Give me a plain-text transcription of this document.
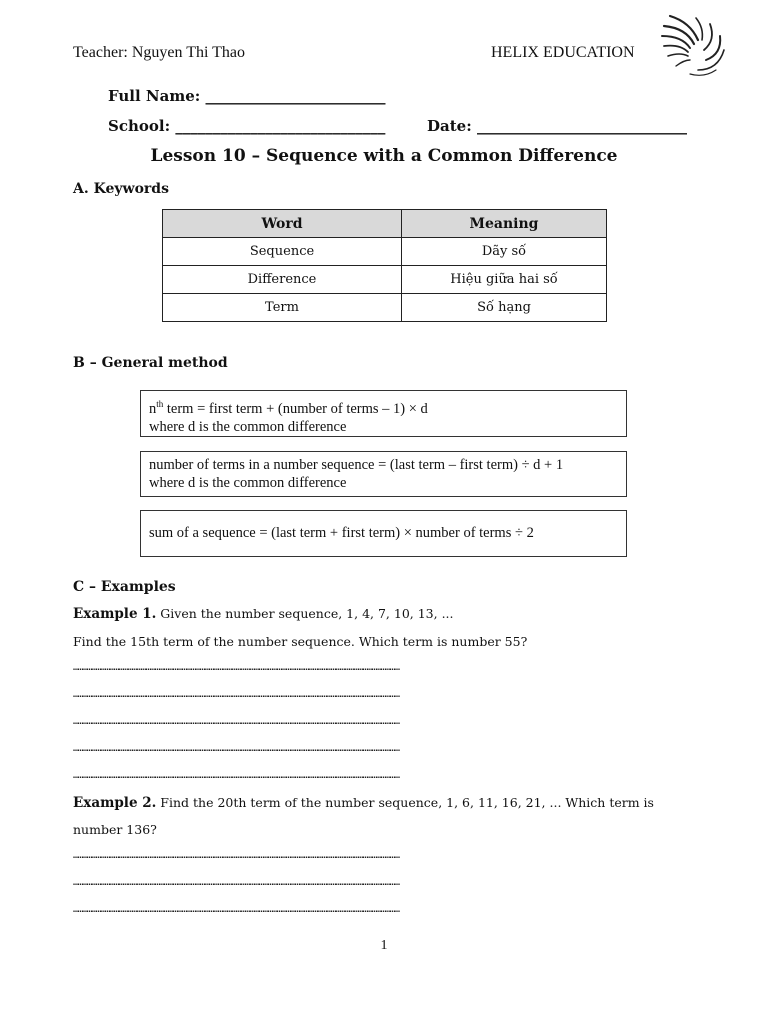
Teacher: Nguyen Thi Thao	HELIX EDUCATION
Full Name: ________________________
School: ____________________________	Date: ____________________________
Lesson 10 – Sequence with a Common Difference
A. Keywords
Word	Meaning
Sequence	Dãy số
Difference	Hiệu giữa hai số
Term	Số hạng
B – General method
$n^{th}$ term = first term + (number of terms – 1) × d
where d is the common difference
number of terms in a number sequence = (last term – first term) ÷ d + 1
where d is the common difference
sum of a sequence = (last term + first term) × number of terms ÷ 2
C – Examples
Example 1. Given the number sequence, 1, 4, 7, 10, 13, ...
Find the 15th term of the number sequence. Which term is number 55?
………………………………………………………………………………………………………………………………………………………………………………………………
………………………………………………………………………………………………………………………………………………………………………………………………
………………………………………………………………………………………………………………………………………………………………………………………………
………………………………………………………………………………………………………………………………………………………………………………………………
………………………………………………………………………………………………………………………………………………………………………………………………
Example 2. Find the 20th term of the number sequence, 1, 6, 11, 16, 21, ... Which term is
number 136?
………………………………………………………………………………………………………………………………………………………………………………………………
………………………………………………………………………………………………………………………………………………………………………………………………
………………………………………………………………………………………………………………………………………………………………………………………………
1
